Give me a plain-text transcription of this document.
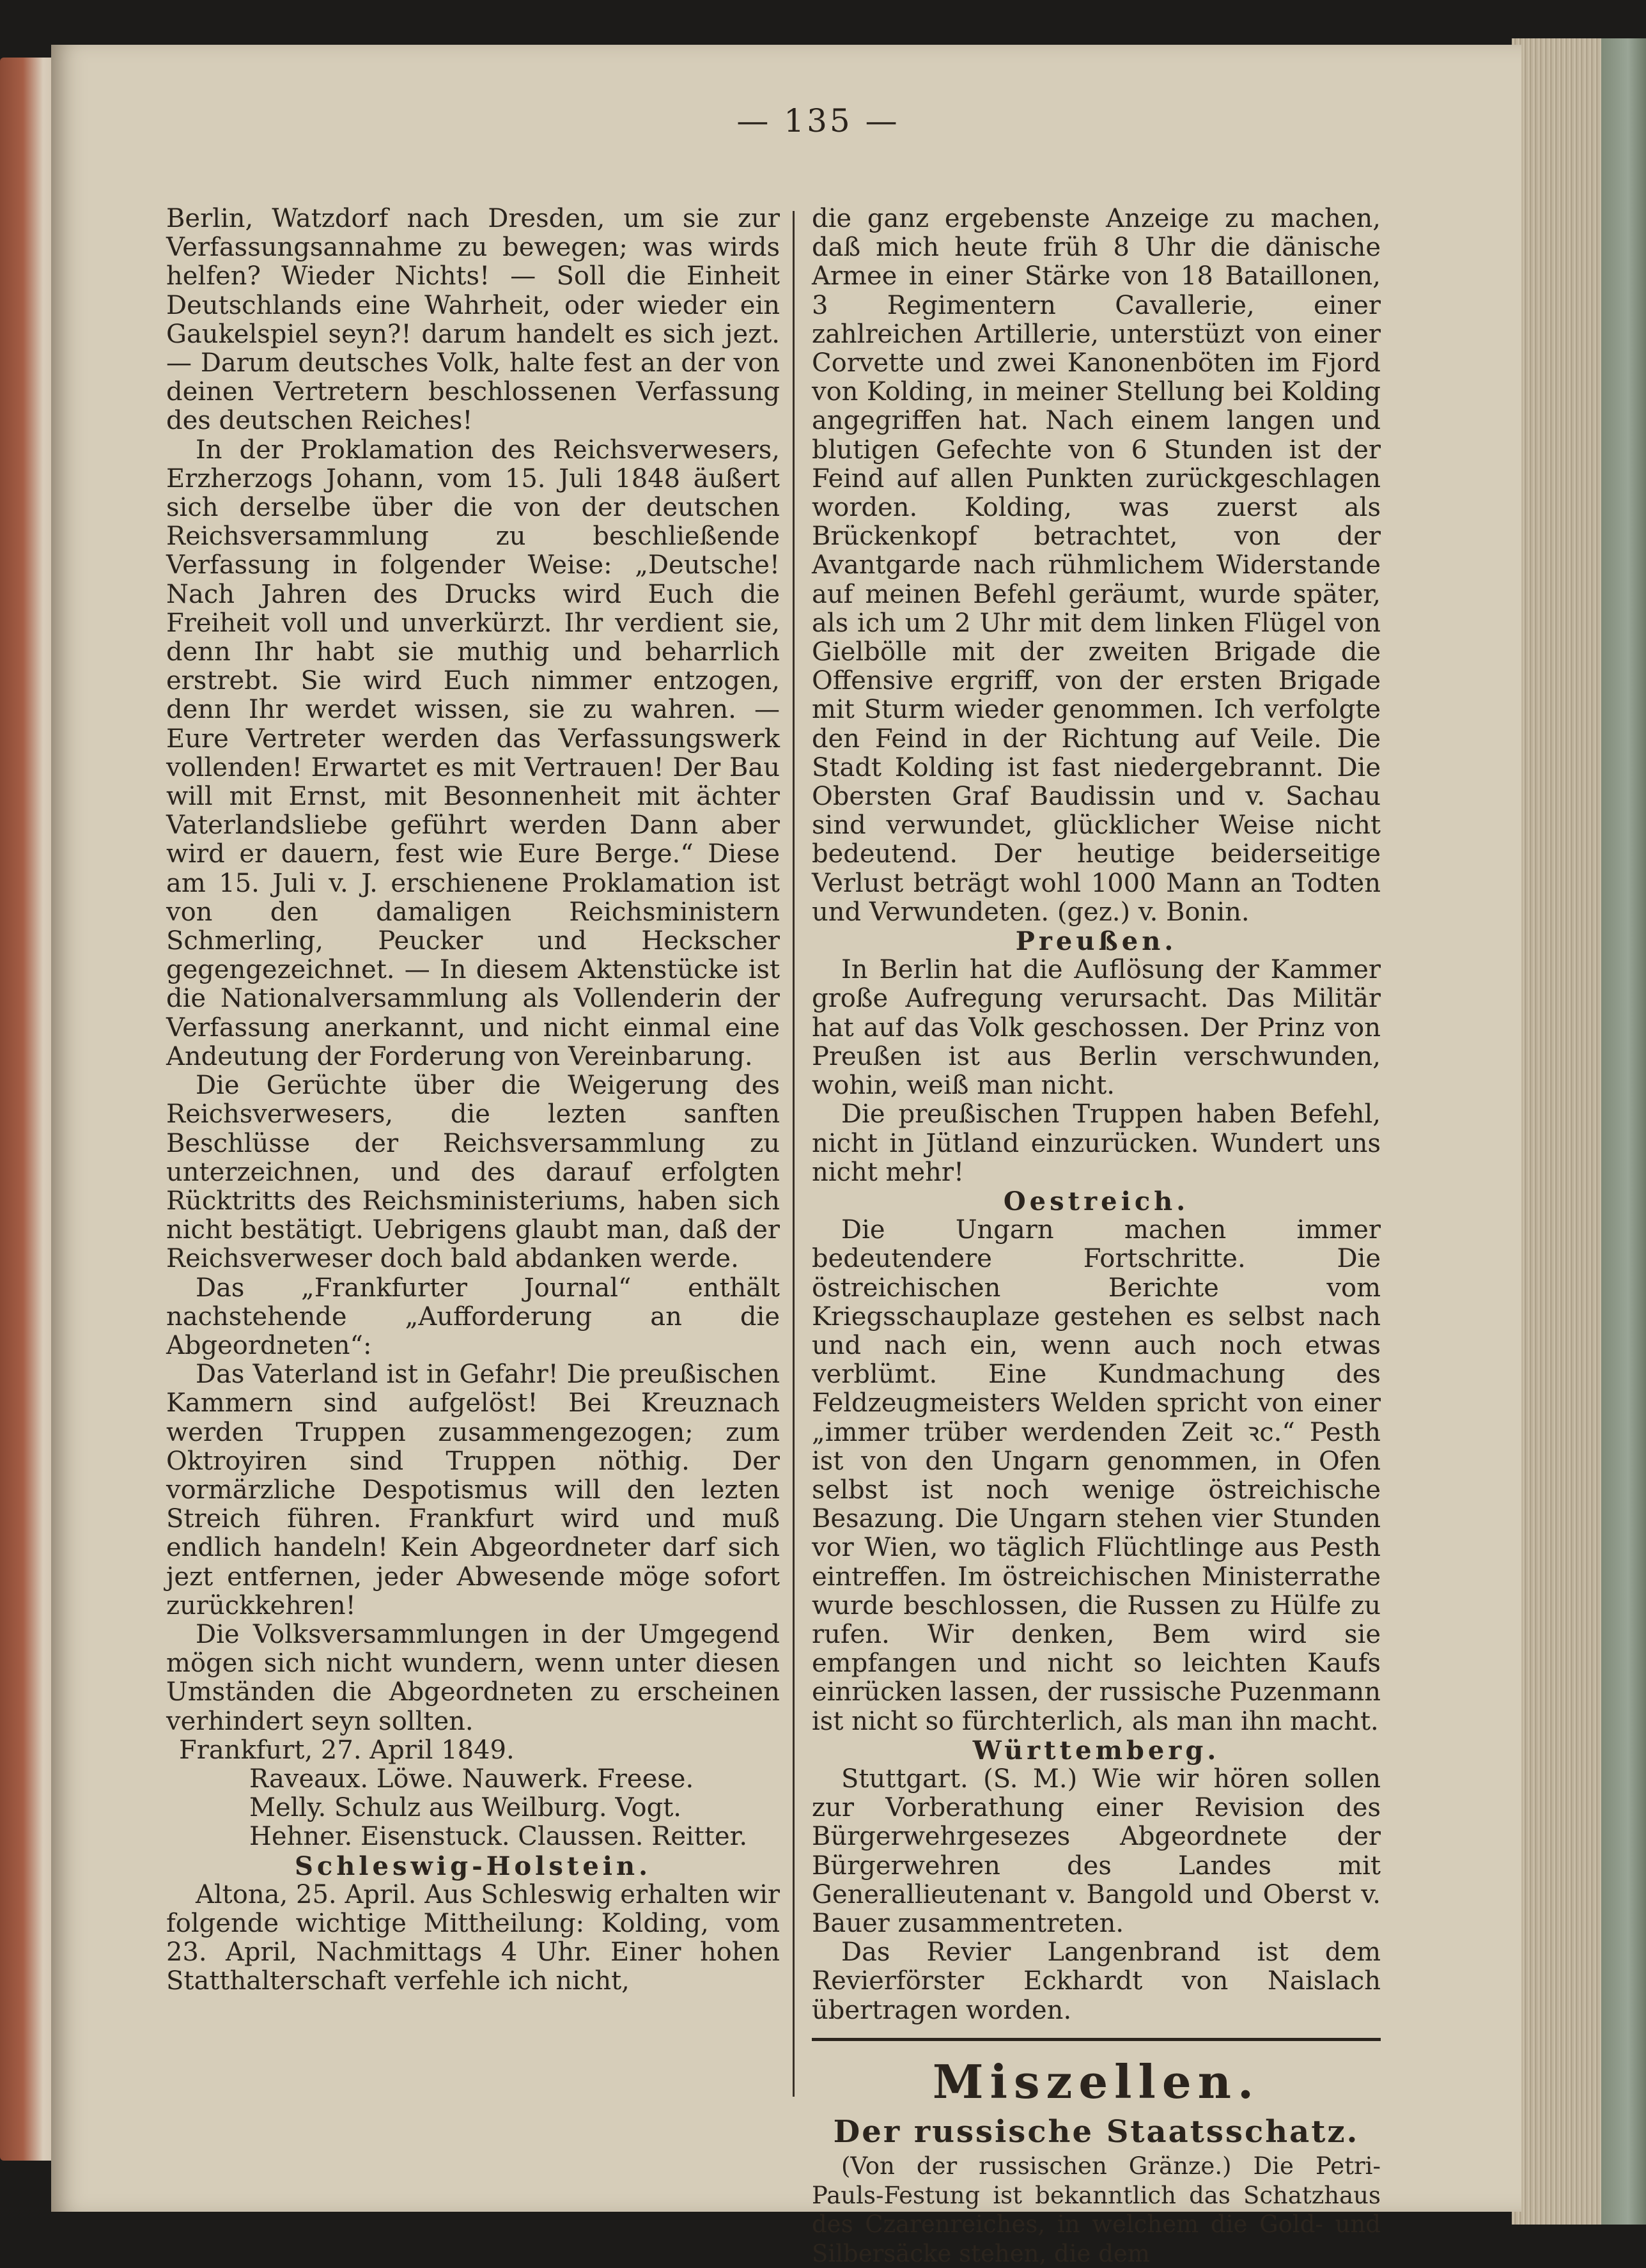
— 135 —

Berlin, Watzdorf nach Dresden, um sie zur Verfassungsannahme zu bewegen; was wirds helfen? Wieder Nichts! — Soll die Einheit Deutschlands eine Wahrheit, oder wieder ein Gaukelspiel seyn?! darum handelt es sich jezt. — Darum deutsches Volk, halte fest an der von deinen Vertretern beschlossenen Verfassung des deutschen Reiches!

In der Proklamation des Reichsverwesers, Erzherzogs Johann, vom 15. Juli 1848 äußert sich derselbe über die von der deutschen Reichsversammlung zu beschließende Verfassung in folgender Weise: „Deutsche! Nach Jahren des Drucks wird Euch die Freiheit voll und unverkürzt. Ihr verdient sie, denn Ihr habt sie muthig und beharrlich erstrebt. Sie wird Euch nimmer entzogen, denn Ihr werdet wissen, sie zu wahren. — Eure Vertreter werden das Verfassungswerk vollenden! Erwartet es mit Vertrauen! Der Bau will mit Ernst, mit Besonnenheit mit ächter Vaterlandsliebe geführt werden Dann aber wird er dauern, fest wie Eure Berge.“ Diese am 15. Juli v. J. erschienene Proklamation ist von den damaligen Reichsministern Schmerling, Peucker und Heckscher gegengezeichnet. — In diesem Aktenstücke ist die Nationalversammlung als Vollenderin der Verfassung anerkannt, und nicht einmal eine Andeutung der Forderung von Vereinbarung.

Die Gerüchte über die Weigerung des Reichsverwesers, die lezten sanften Beschlüsse der Reichsversammlung zu unterzeichnen, und des darauf erfolgten Rücktritts des Reichsministeriums, haben sich nicht bestätigt. Uebrigens glaubt man, daß der Reichsverweser doch bald abdanken werde.

Das „Frankfurter Journal“ enthält nachstehende „Aufforderung an die Abgeordneten“:

Das Vaterland ist in Gefahr! Die preußischen Kammern sind aufgelöst! Bei Kreuznach werden Truppen zusammengezogen; zum Oktroyiren sind Truppen nöthig. Der vormärzliche Despotismus will den lezten Streich führen. Frankfurt wird und muß endlich handeln! Kein Abgeordneter darf sich jezt entfernen, jeder Abwesende möge sofort zurückkehren!

Die Volksversammlungen in der Umgegend mögen sich nicht wundern, wenn unter diesen Umständen die Abgeordneten zu erscheinen verhindert seyn sollten.

Frankfurt, 27. April 1849.

Raveaux. Löwe. Nauwerk. Freese.

Melly. Schulz aus Weilburg. Vogt.

Hehner. Eisenstuck. Claussen. Reitter.

Schleswig-Holstein.

Altona, 25. April. Aus Schleswig erhalten wir folgende wichtige Mittheilung: Kolding, vom 23. April, Nachmittags 4 Uhr. Einer hohen Statthalterschaft verfehle ich nicht,

die ganz ergebenste Anzeige zu machen, daß mich heute früh 8 Uhr die dänische Armee in einer Stärke von 18 Bataillonen, 3 Regimentern Cavallerie, einer zahlreichen Artillerie, unterstüzt von einer Corvette und zwei Kanonenböten im Fjord von Kolding, in meiner Stellung bei Kolding angegriffen hat. Nach einem langen und blutigen Gefechte von 6 Stunden ist der Feind auf allen Punkten zurückgeschlagen worden. Kolding, was zuerst als Brückenkopf betrachtet, von der Avantgarde nach rühmlichem Widerstande auf meinen Befehl geräumt, wurde später, als ich um 2 Uhr mit dem linken Flügel von Gielbölle mit der zweiten Brigade die Offensive ergriff, von der ersten Brigade mit Sturm wieder genommen. Ich verfolgte den Feind in der Richtung auf Veile. Die Stadt Kolding ist fast niedergebrannt. Die Obersten Graf Baudissin und v. Sachau sind verwundet, glücklicher Weise nicht bedeutend. Der heutige beiderseitige Verlust beträgt wohl 1000 Mann an Todten und Verwundeten. (gez.) v. Bonin.

Preußen.

In Berlin hat die Auflösung der Kammer große Aufregung verursacht. Das Militär hat auf das Volk geschossen. Der Prinz von Preußen ist aus Berlin verschwunden, wohin, weiß man nicht.

Die preußischen Truppen haben Befehl, nicht in Jütland einzurücken. Wundert uns nicht mehr!

Oestreich.

Die Ungarn machen immer bedeutendere Fortschritte. Die östreichischen Berichte vom Kriegsschauplaze gestehen es selbst nach und nach ein, wenn auch noch etwas verblümt. Eine Kundmachung des Feldzeugmeisters Welden spricht von einer „immer trüber werdenden Zeit ꝛc.“ Pesth ist von den Ungarn genommen, in Ofen selbst ist noch wenige östreichische Besazung. Die Ungarn stehen vier Stunden vor Wien, wo täglich Flüchtlinge aus Pesth eintreffen. Im östreichischen Ministerrathe wurde beschlossen, die Russen zu Hülfe zu rufen. Wir denken, Bem wird sie empfangen und nicht so leichten Kaufs einrücken lassen, der russische Puzenmann ist nicht so fürchterlich, als man ihn macht.

Württemberg.

Stuttgart. (S. M.) Wie wir hören sollen zur Vorberathung einer Revision des Bürgerwehrgesezes Abgeordnete der Bürgerwehren des Landes mit Generallieutenant v. Bangold und Oberst v. Bauer zusammentreten.

Das Revier Langenbrand ist dem Revierförster Eckhardt von Naislach übertragen worden.

Miszellen.
Der russische Staatsschatz.

(Von der russischen Gränze.) Die Petri-Pauls-Festung ist bekanntlich das Schatzhaus des Czarenreiches, in welchem die Gold- und Silbersäcke stehen, die dem
